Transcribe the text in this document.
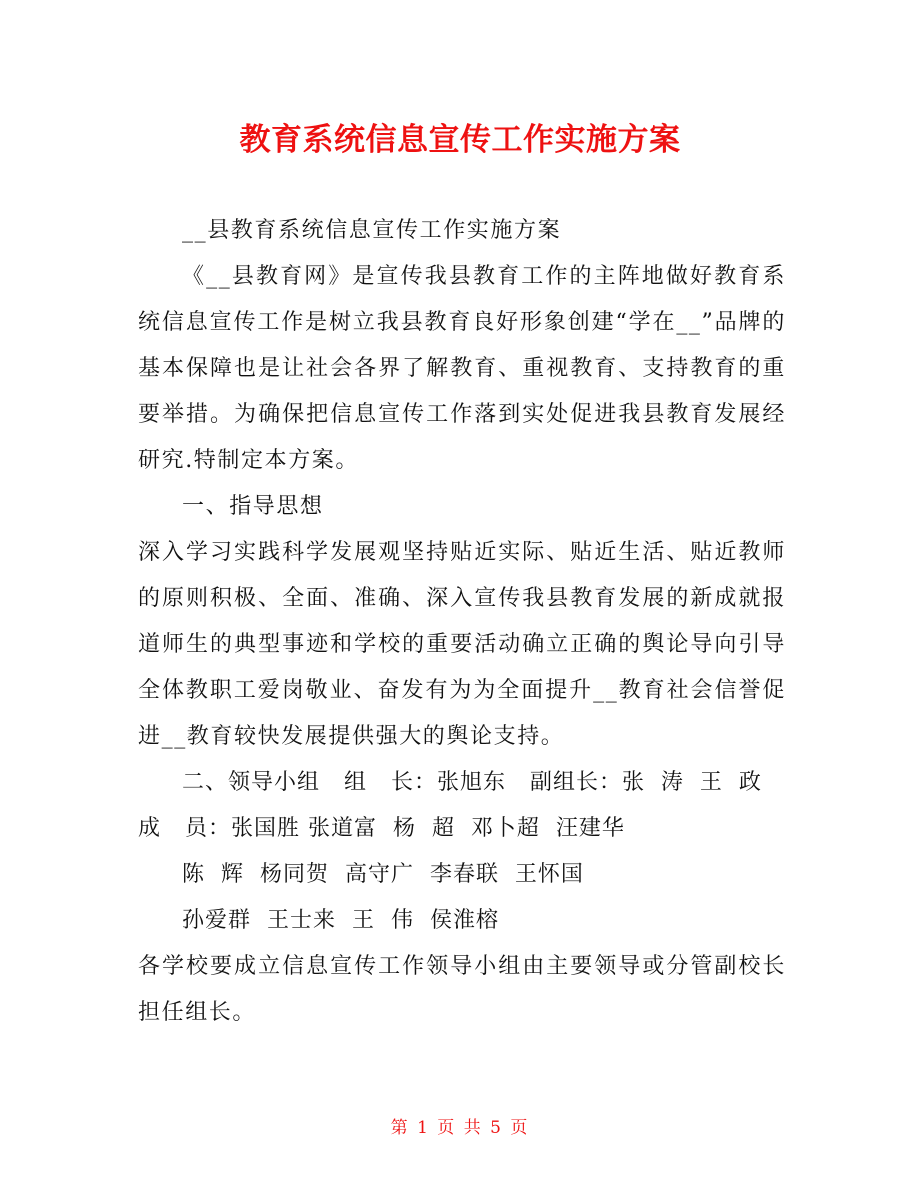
教育系统信息宣传工作实施方案

__县教育系统信息宣传工作实施方案

《__县教育网》是宣传我县教育工作的主阵地做好教育系统信息宣传工作是树立我县教育良好形象创建“学在__”品牌的基本保障也是让社会各界了解教育、重视教育、支持教育的重要举措。为确保把信息宣传工作落到实处促进我县教育发展经研究.特制定本方案。

一、指导思想

深入学习实践科学发展观坚持贴近实际、贴近生活、贴近教师的原则积极、全面、准确、深入宣传我县教育发展的新成就报道师生的典型事迹和学校的重要活动确立正确的舆论导向引导全体教职工爱岗敬业、奋发有为为全面提升__教育社会信誉促进__教育较快发展提供强大的舆论支持。

二、领导小组   组   长：张旭东   副组长：张  涛  王  政

成   员：张国胜 张道富  杨  超  邓卜超  汪建华

陈  辉  杨同贺  高守广  李春联  王怀国

孙爱群  王士来  王  伟  侯淮榕

各学校要成立信息宣传工作领导小组由主要领导或分管副校长担任组长。

第 1 页 共 5 页
